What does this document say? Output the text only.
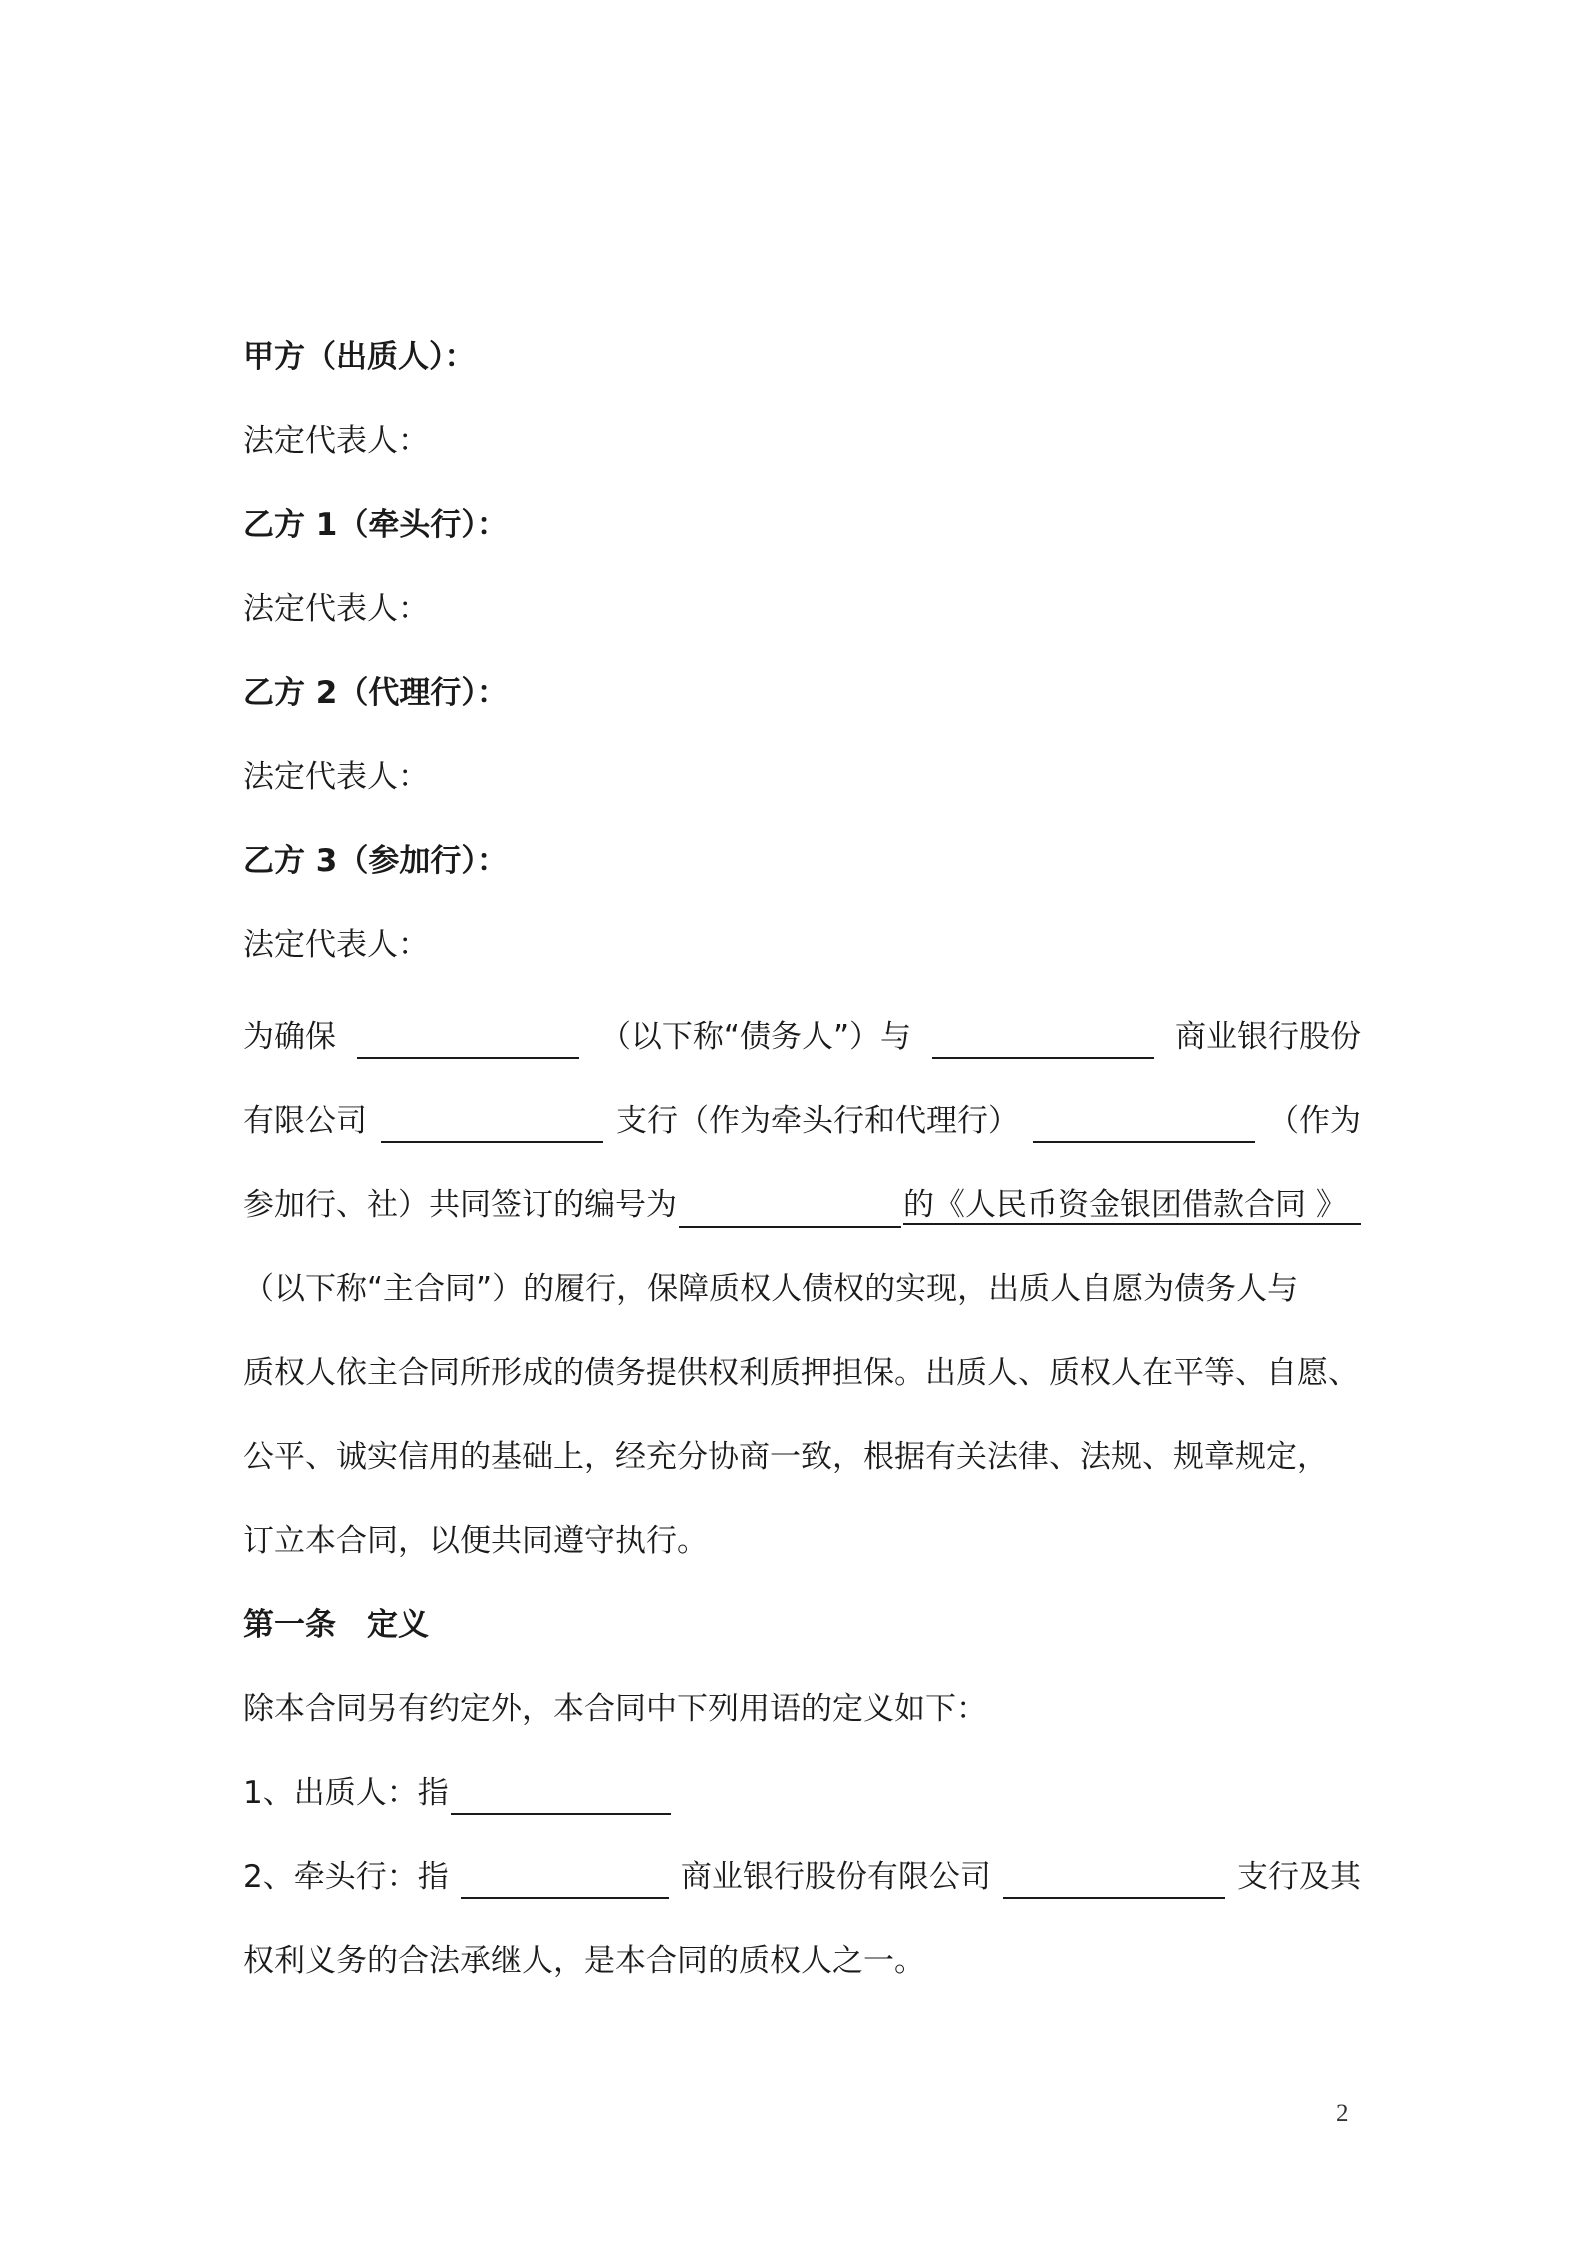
甲方（出质人）：
法定代表人：
乙方 1（牵头行）：
法定代表人：
乙方 2（代理行）：
法定代表人：
乙方 3（参加行）：
法定代表人：
为确保	（以下称“债务人”）与	商业银行股份
有限公司	支行（作为牵头行和代理行）	（作为
参加行、社）共同签订的编号为	的《人民币资金银团借款合同 》
（以下称“主合同”）的履行，保障质权人债权的实现，出质人自愿为债务人与
质权人依主合同所形成的债务提供权利质押担保。出质人、质权人在平等、自愿、
公平、诚实信用的基础上，经充分协商一致，根据有关法律、法规、规章规定，
订立本合同，以便共同遵守执行。
第一条　定义
除本合同另有约定外，本合同中下列用语的定义如下：
1、出质人：指
2、牵头行：指	商业银行股份有限公司	支行及其
权利义务的合法承继人，是本合同的质权人之一。
2
